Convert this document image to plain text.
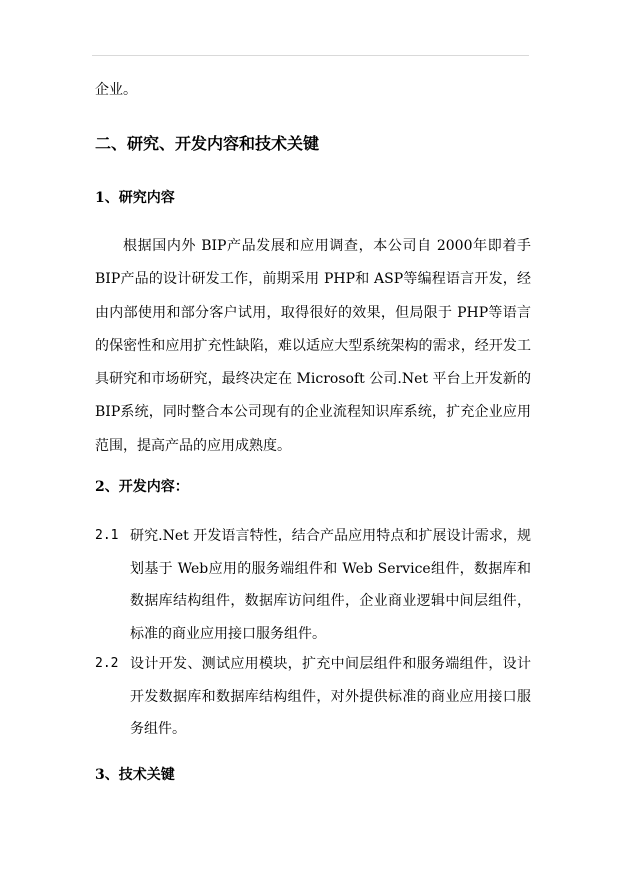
企业。
二、研究、开发内容和技术关键
1、研究内容
根据国内外 BIP产品发展和应用调查，本公司自 2000年即着手BIP产品的设计研发工作，前期采用 PHP和 ASP等编程语言开发，经由内部使用和部分客户试用，取得很好的效果，但局限于 PHP等语言的保密性和应用扩充性缺陷，难以适应大型系统架构的需求，经开发工具研究和市场研究，最终决定在 Microsoft 公司.Net 平台上开发新的 BIP系统，同时整合本公司现有的企业流程知识库系统，扩充企业应用范围，提高产品的应用成熟度。
2、开发内容：
2.1 研究.Net 开发语言特性，结合产品应用特点和扩展设计需求，规划基于 Web应用的服务端组件和 Web Service组件，数据库和数据库结构组件，数据库访问组件，企业商业逻辑中间层组件，标准的商业应用接口服务组件。
2.2 设计开发、测试应用模块，扩充中间层组件和服务端组件，设计开发数据库和数据库结构组件，对外提供标准的商业应用接口服务组件。
3、技术关键
